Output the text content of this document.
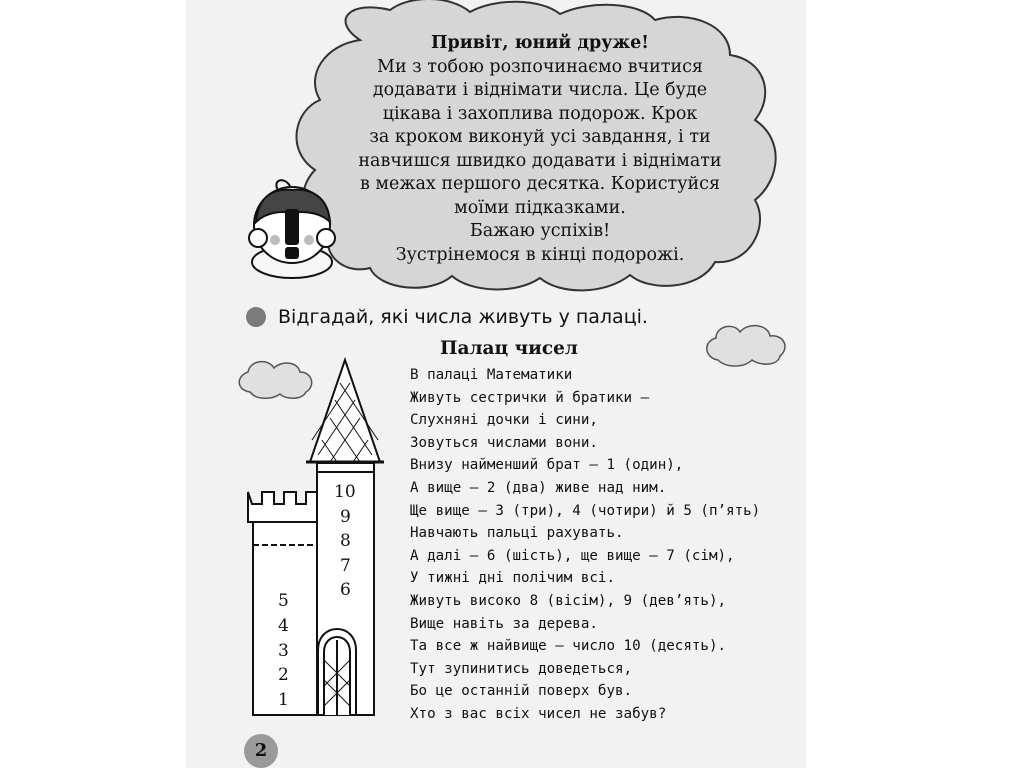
1
2
3
4
5
6
7
8
9
10
Привіт, юний друже!
Ми з тобою розпочинаємо вчитися
додавати і віднімати числа. Це буде
цікава і захоплива подорож. Крок
за кроком виконуй усі завдання, і ти
навчишся швидко додавати і віднімати
в межах першого десятка. Користуйся
моїми підказками.
Бажаю успіхів!
Зустрінемося в кінці подорожі.
Відгадай, які числа живуть у палаці.
Палац чисел
В палаці Математики
Живуть сестрички й братики —
Слухняні дочки і сини,
Зовуться числами вони.
Внизу найменший брат — 1 (один),
А вище — 2 (два) живе над ним.
Ще вище — 3 (три), 4 (чотири) й 5 (п’ять)
Навчають пальці рахувать.
А далі — 6 (шість), ще вище — 7 (сім),
У тижні дні полічим всі.
Живуть високо 8 (вісім), 9 (дев’ять),
Вище навіть за дерева.
Та все ж найвище — число 10 (десять).
Тут зупинитись доведеться,
Бо це останній поверх був.
Хто з вас всіх чисел не забув?
2
